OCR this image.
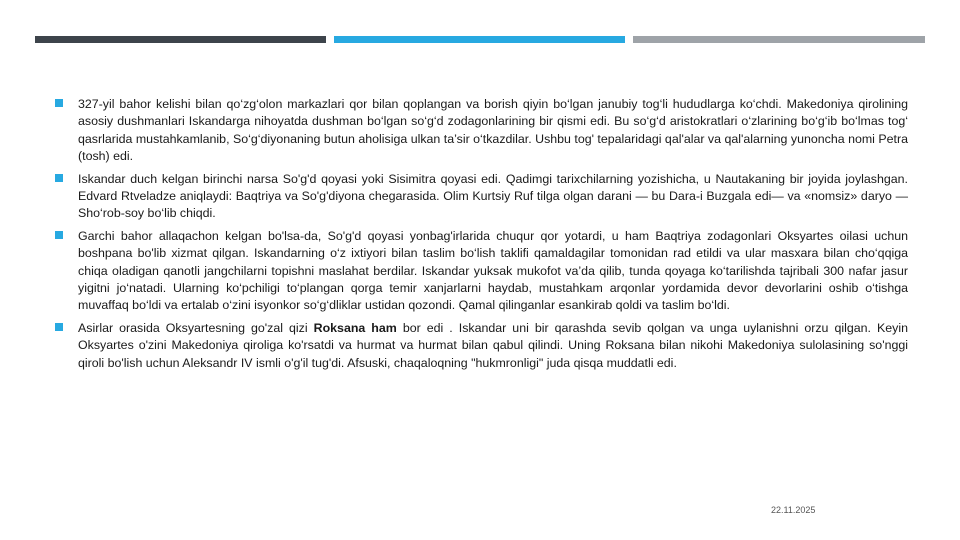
327-yil bahor kelishi bilan qo‘zg‘olon markazlari qor bilan qoplangan va borish qiyin bo‘lgan janubiy tog‘li hududlarga ko‘chdi. Makedoniya qirolining asosiy dushmanlari Iskandarga nihoyatda dushman bo‘lgan so‘g‘d zodagonlarining bir qismi edi. Bu so‘g‘d aristokratlari o‘zlarining bo‘g‘ib bo‘lmas tog‘ qasrlarida mustahkamlanib, So‘g‘diyonaning butun aholisiga ulkan ta’sir o‘tkazdilar. Ushbu tog' tepalaridagi qal'alar va qal'alarning yunoncha nomi Petra (tosh) edi.
Iskandar duch kelgan birinchi narsa So'g'd qoyasi yoki Sisimitra qoyasi edi. Qadimgi tarixchilarning yozishicha, u Nautakaning bir joyida joylashgan. Edvard Rtveladze aniqlaydi: Baqtriya va So'g'diyona chegarasida. Olim Kurtsiy Ruf tilga olgan darani — bu Dara-i Buzgala edi— va «nomsiz» daryo — Sho‘rob-soy bo‘lib chiqdi.
Garchi bahor allaqachon kelgan bo'lsa-da, So'g'd qoyasi yonbag'irlarida chuqur qor yotardi, u ham Baqtriya zodagonlari Oksyartes oilasi uchun boshpana bo'lib xizmat qilgan. Iskandarning o‘z ixtiyori bilan taslim bo‘lish taklifi qamaldagilar tomonidan rad etildi va ular masxara bilan cho‘qqiga chiqa oladigan qanotli jangchilarni topishni maslahat berdilar. Iskandar yuksak mukofot va’da qilib, tunda qoyaga ko‘tarilishda tajribali 300 nafar jasur yigitni jo‘natadi. Ularning ko‘pchiligi to‘plangan qorga temir xanjarlarni haydab, mustahkam arqonlar yordamida devor devorlarini oshib o‘tishga muvaffaq bo‘ldi va ertalab o‘zini isyonkor so‘g‘dliklar ustidan qozondi. Qamal qilinganlar esankirab qoldi va taslim bo‘ldi.
Asirlar orasida Oksyartesning go'zal qizi Roksana ham bor edi . Iskandar uni bir qarashda sevib qolgan va unga uylanishni orzu qilgan. Keyin Oksyartes o'zini Makedoniya qiroliga ko'rsatdi va hurmat va hurmat bilan qabul qilindi. Uning Roksana bilan nikohi Makedoniya sulolasining so'nggi qiroli bo'lish uchun Aleksandr IV ismli o'g'il tug'di. Afsuski, chaqaloqning "hukmronligi" juda qisqa muddatli edi.
22.11.2025
